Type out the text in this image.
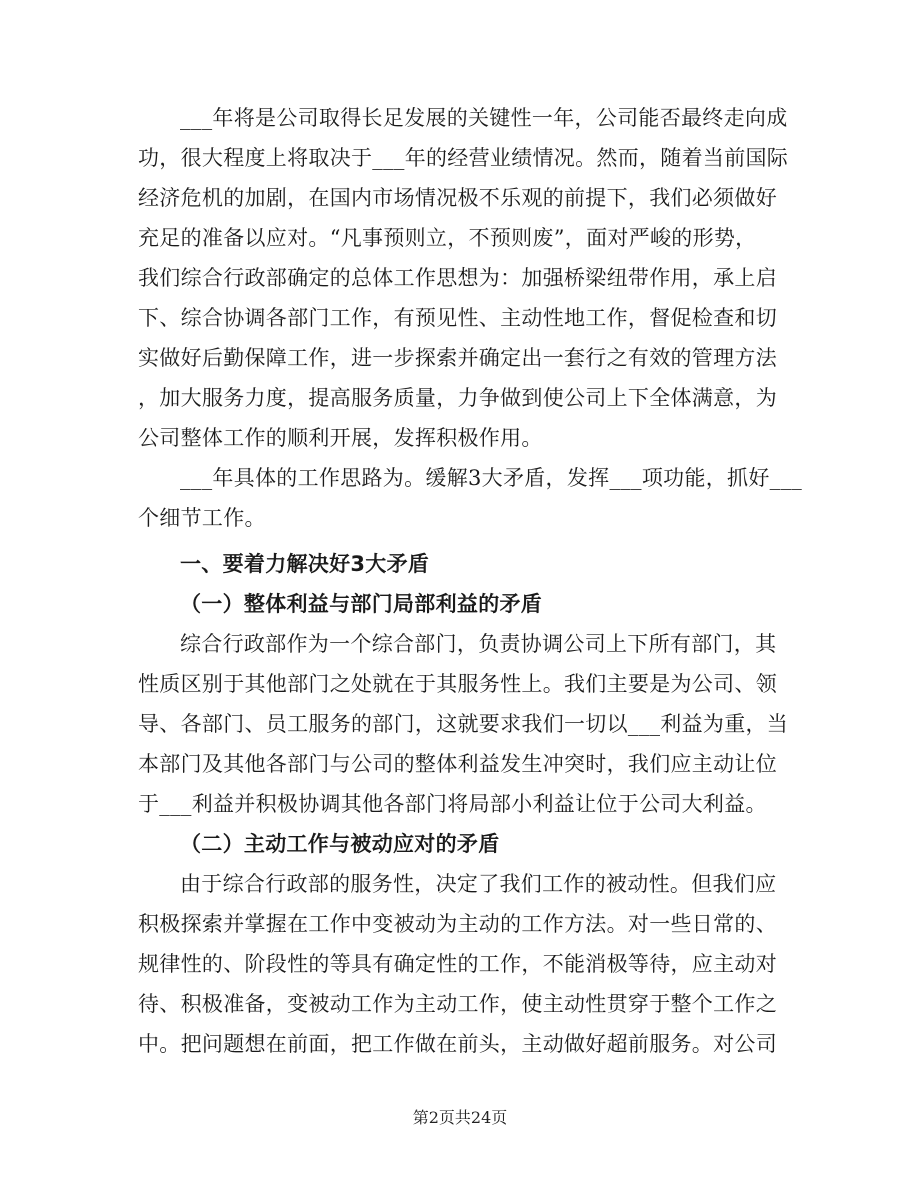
___年将是公司取得长足发展的关键性一年，公司能否最终走向成
功，很大程度上将取决于___年的经营业绩情况。然而，随着当前国际
经济危机的加剧，在国内市场情况极不乐观的前提下，我们必须做好
充足的准备以应对。“凡事预则立，不预则废”，面对严峻的形势，
我们综合行政部确定的总体工作思想为：加强桥梁纽带作用，承上启
下、综合协调各部门工作，有预见性、主动性地工作，督促检查和切
实做好后勤保障工作，进一步探索并确定出一套行之有效的管理方法
，加大服务力度，提高服务质量，力争做到使公司上下全体满意，为
公司整体工作的顺利开展，发挥积极作用。
___年具体的工作思路为。缓解3大矛盾，发挥___项功能，抓好___
个细节工作。
一、要着力解决好3大矛盾
（一）整体利益与部门局部利益的矛盾
综合行政部作为一个综合部门，负责协调公司上下所有部门，其
性质区别于其他部门之处就在于其服务性上。我们主要是为公司、领
导、各部门、员工服务的部门，这就要求我们一切以___利益为重，当
本部门及其他各部门与公司的整体利益发生冲突时，我们应主动让位
于___利益并积极协调其他各部门将局部小利益让位于公司大利益。
（二）主动工作与被动应对的矛盾
由于综合行政部的服务性，决定了我们工作的被动性。但我们应
积极探索并掌握在工作中变被动为主动的工作方法。对一些日常的、
规律性的、阶段性的等具有确定性的工作，不能消极等待，应主动对
待、积极准备，变被动工作为主动工作，使主动性贯穿于整个工作之
中。把问题想在前面，把工作做在前头，主动做好超前服务。对公司
第2页共24页
